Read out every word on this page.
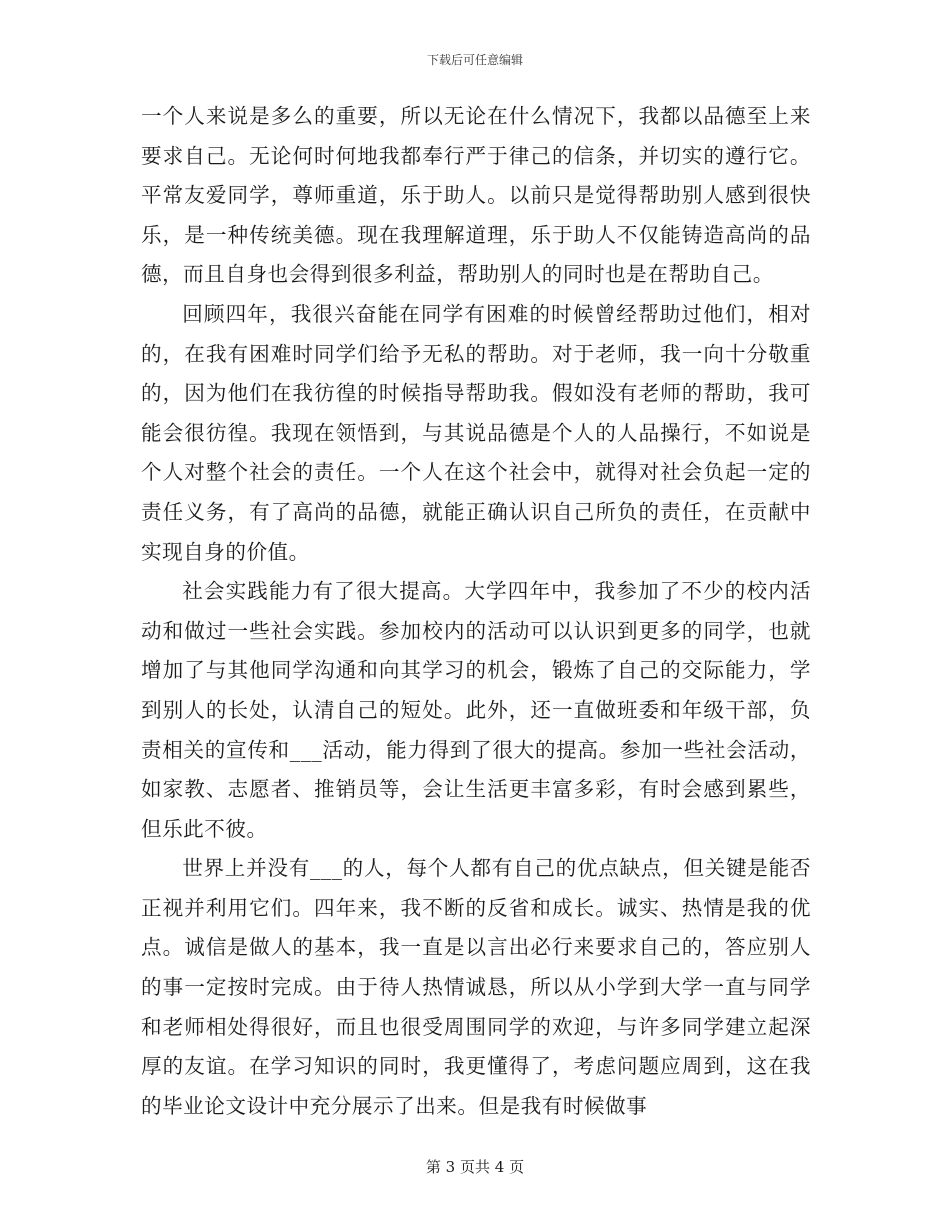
下载后可任意编辑

一个人来说是多么的重要，所以无论在什么情况下，我都以品德至上来要求自己。无论何时何地我都奉行严于律己的信条，并切实的遵行它。平常友爱同学，尊师重道，乐于助人。以前只是觉得帮助别人感到很快乐，是一种传统美德。现在我理解道理，乐于助人不仅能铸造高尚的品德，而且自身也会得到很多利益，帮助别人的同时也是在帮助自己。

回顾四年，我很兴奋能在同学有困难的时候曾经帮助过他们，相对的，在我有困难时同学们给予无私的帮助。对于老师，我一向十分敬重的，因为他们在我彷徨的时候指导帮助我。假如没有老师的帮助，我可能会很彷徨。我现在领悟到，与其说品德是个人的人品操行，不如说是个人对整个社会的责任。一个人在这个社会中，就得对社会负起一定的责任义务，有了高尚的品德，就能正确认识自己所负的责任，在贡献中实现自身的价值。

社会实践能力有了很大提高。大学四年中，我参加了不少的校内活动和做过一些社会实践。参加校内的活动可以认识到更多的同学，也就增加了与其他同学沟通和向其学习的机会，锻炼了自己的交际能力，学到别人的长处，认清自己的短处。此外，还一直做班委和年级干部，负责相关的宣传和___活动，能力得到了很大的提高。参加一些社会活动，如家教、志愿者、推销员等，会让生活更丰富多彩，有时会感到累些，但乐此不彼。

世界上并没有___的人，每个人都有自己的优点缺点，但关键是能否正视并利用它们。四年来，我不断的反省和成长。诚实、热情是我的优点。诚信是做人的基本，我一直是以言出必行来要求自己的，答应别人的事一定按时完成。由于待人热情诚恳，所以从小学到大学一直与同学和老师相处得很好，而且也很受周围同学的欢迎，与许多同学建立起深厚的友谊。在学习知识的同时，我更懂得了，考虑问题应周到，这在我的毕业论文设计中充分展示了出来。但是我有时候做事

第 3 页共 4 页
